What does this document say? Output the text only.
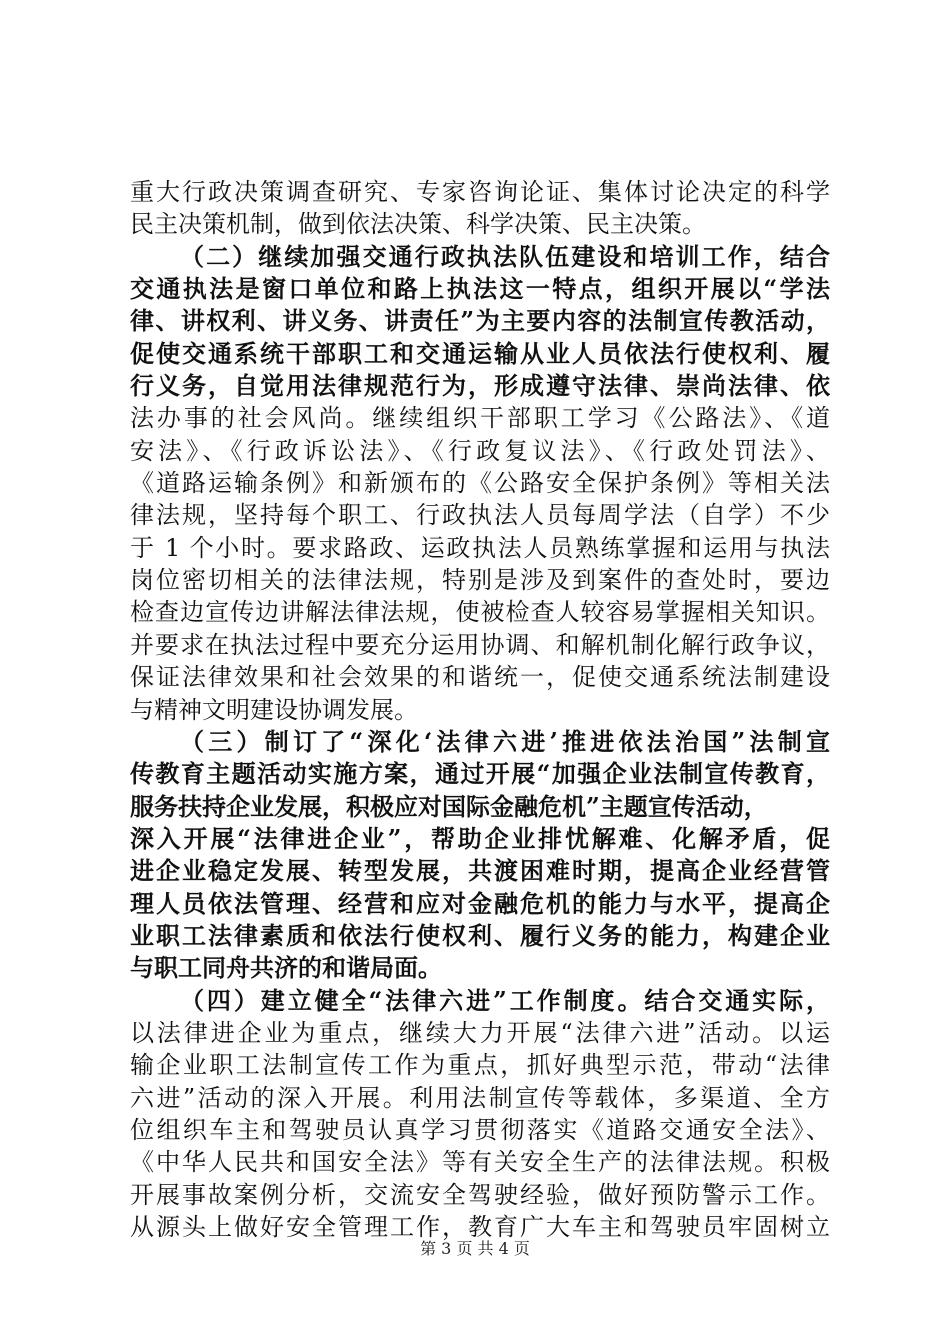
重大行政决策调查研究、专家咨询论证、集体讨论决定的科学
民主决策机制，做到依法决策、科学决策、民主决策。
（二）继续加强交通行政执法队伍建设和培训工作，结合
交通执法是窗口单位和路上执法这一特点，组织开展以“学法
律、讲权利、讲义务、讲责任”为主要内容的法制宣传教活动，
促使交通系统干部职工和交通运输从业人员依法行使权利、履
行义务，自觉用法律规范行为，形成遵守法律、崇尚法律、依
法办事的社会风尚。继续组织干部职工学习《公路法》、《道
安法》、《行政诉讼法》、《行政复议法》、《行政处罚法》、
《道路运输条例》和新颁布的《公路安全保护条例》等相关法
律法规，坚持每个职工、行政执法人员每周学法（自学）不少
于 1 个小时。要求路政、运政执法人员熟练掌握和运用与执法
岗位密切相关的法律法规，特别是涉及到案件的查处时，要边
检查边宣传边讲解法律法规，使被检查人较容易掌握相关知识。
并要求在执法过程中要充分运用协调、和解机制化解行政争议，
保证法律效果和社会效果的和谐统一，促使交通系统法制建设
与精神文明建设协调发展。
（三）制订了“深化‘法律六进’推进依法治国”法制宣
传教育主题活动实施方案，通过开展“加强企业法制宣传教育，
服务扶持企业发展，积极应对国际金融危机”主题宣传活动，
深入开展“法律进企业”，帮助企业排忧解难、化解矛盾，促
进企业稳定发展、转型发展，共渡困难时期，提高企业经营管
理人员依法管理、经营和应对金融危机的能力与水平，提高企
业职工法律素质和依法行使权利、履行义务的能力，构建企业
与职工同舟共济的和谐局面。
（四）建立健全“法律六进”工作制度。结合交通实际，
以法律进企业为重点，继续大力开展“法律六进”活动。以运
输企业职工法制宣传工作为重点，抓好典型示范，带动“法律
六进”活动的深入开展。利用法制宣传等载体，多渠道、全方
位组织车主和驾驶员认真学习贯彻落实《道路交通安全法》、
《中华人民共和国安全法》等有关安全生产的法律法规。积极
开展事故案例分析，交流安全驾驶经验，做好预防警示工作。
从源头上做好安全管理工作，教育广大车主和驾驶员牢固树立
第 3 页 共 4 页
